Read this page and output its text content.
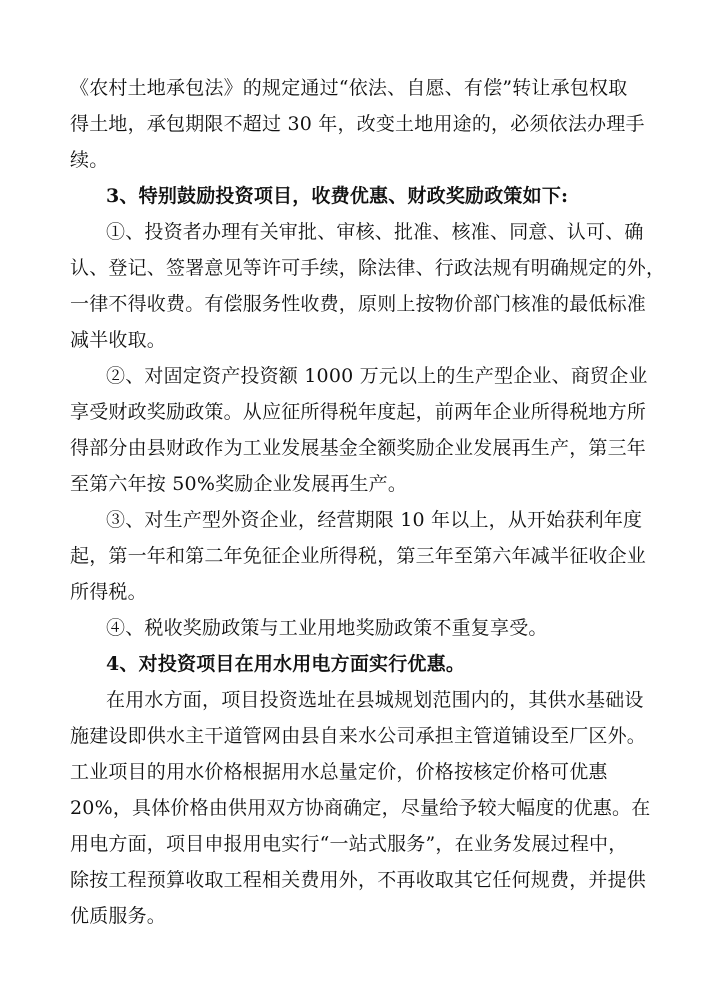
《农村土地承包法》的规定通过“依法、自愿、有偿”转让承包权取
得土地，承包期限不超过 30 年，改变土地用途的，必须依法办理手
续。
3、特别鼓励投资项目，收费优惠、财政奖励政策如下:
①、投资者办理有关审批、审核、批准、核准、同意、认可、确
认、登记、签署意见等许可手续，除法律、行政法规有明确规定的外，
一律不得收费。有偿服务性收费，原则上按物价部门核准的最低标准
减半收取。
②、对固定资产投资额 1000 万元以上的生产型企业、商贸企业
享受财政奖励政策。从应征所得税年度起，前两年企业所得税地方所
得部分由县财政作为工业发展基金全额奖励企业发展再生产，第三年
至第六年按 50%奖励企业发展再生产。
③、对生产型外资企业，经营期限 10 年以上，从开始获利年度
起，第一年和第二年免征企业所得税，第三年至第六年减半征收企业
所得税。
④、税收奖励政策与工业用地奖励政策不重复享受。
4、对投资项目在用水用电方面实行优惠。
在用水方面，项目投资选址在县城规划范围内的，其供水基础设
施建设即供水主干道管网由县自来水公司承担主管道铺设至厂区外。
工业项目的用水价格根据用水总量定价，价格按核定价格可优惠
20%，具体价格由供用双方协商确定，尽量给予较大幅度的优惠。在
用电方面，项目申报用电实行“一站式服务”，在业务发展过程中，
除按工程预算收取工程相关费用外，不再收取其它任何规费，并提供
优质服务。
